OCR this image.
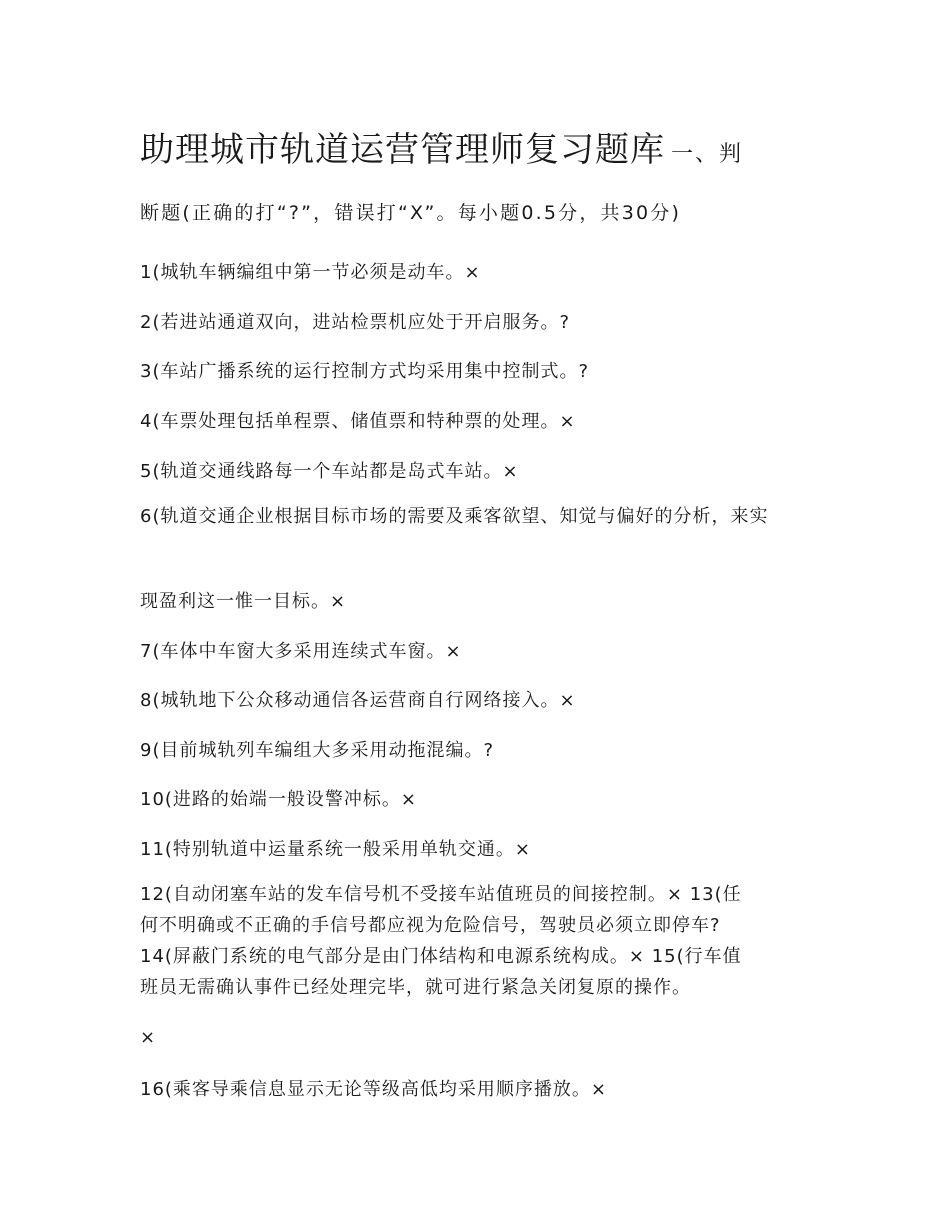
助理城市轨道运营管理师复习题库 一、判
断题(正确的打“?”，错误打“X”。每小题0.5分，共30分)
1(城轨车辆编组中第一节必须是动车。×
2(若进站通道双向，进站检票机应处于开启服务。?
3(车站广播系统的运行控制方式均采用集中控制式。?
4(车票处理包括单程票、储值票和特种票的处理。×
5(轨道交通线路每一个车站都是岛式车站。×
6(轨道交通企业根据目标市场的需要及乘客欲望、知觉与偏好的分析，来实
现盈利这一惟一目标。×
7(车体中车窗大多采用连续式车窗。×
8(城轨地下公众移动通信各运营商自行网络接入。×
9(目前城轨列车编组大多采用动拖混编。?
10(进路的始端一般设警冲标。×
11(特别轨道中运量系统一般采用单轨交通。×
12(自动闭塞车站的发车信号机不受接车站值班员的间接控制。× 13(任
何不明确或不正确的手信号都应视为危险信号，驾驶员必须立即停车?
14(屏蔽门系统的电气部分是由门体结构和电源系统构成。× 15(行车值
班员无需确认事件已经处理完毕，就可进行紧急关闭复原的操作。
×
16(乘客导乘信息显示无论等级高低均采用顺序播放。×
